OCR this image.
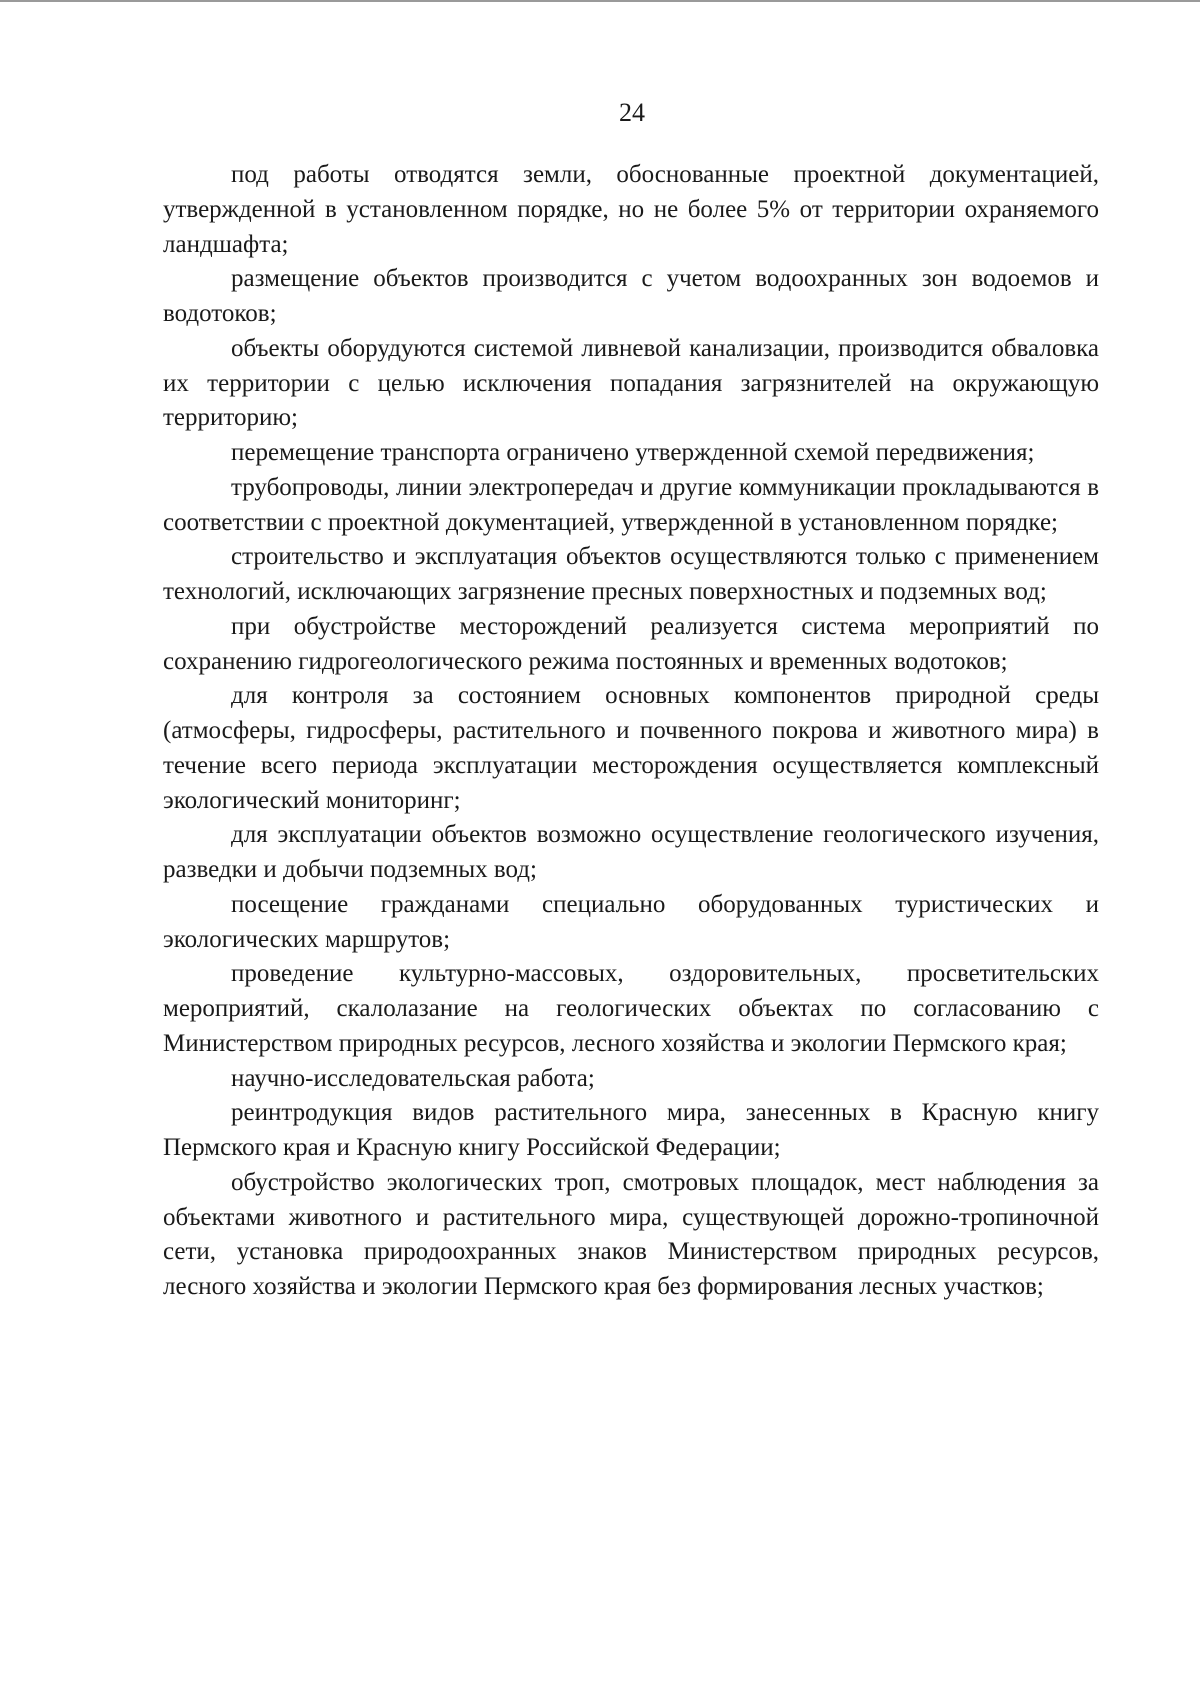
24

под работы отводятся земли, обоснованные проектной документацией, утвержденной в установленном порядке, но не более 5% от территории охраняемого ландшафта;

размещение объектов производится с учетом водоохранных зон водоемов и водотоков;

объекты оборудуются системой ливневой канализации, производится обваловка их территории с целью исключения попадания загрязнителей на окружающую территорию;

перемещение транспорта ограничено утвержденной схемой передвижения;

трубопроводы, линии электропередач и другие коммуникации прокладываются в соответствии с проектной документацией, утвержденной в установленном порядке;

строительство и эксплуатация объектов осуществляются только с применением технологий, исключающих загрязнение пресных поверхностных и подземных вод;

при обустройстве месторождений реализуется система мероприятий по сохранению гидрогеологического режима постоянных и временных водотоков;

для контроля за состоянием основных компонентов природной среды (атмосферы, гидросферы, растительного и почвенного покрова и животного мира) в течение всего периода эксплуатации месторождения осуществляется комплексный экологический мониторинг;

для эксплуатации объектов возможно осуществление геологического изучения, разведки и добычи подземных вод;

посещение гражданами специально оборудованных туристических и экологических маршрутов;

проведение культурно-массовых, оздоровительных, просветительских мероприятий, скалолазание на геологических объектах по согласованию с Министерством природных ресурсов, лесного хозяйства и экологии Пермского края;

научно-исследовательская работа;

реинтродукция видов растительного мира, занесенных в Красную книгу Пермского края и Красную книгу Российской Федерации;

обустройство экологических троп, смотровых площадок, мест наблюдения за объектами животного и растительного мира, существующей дорожно-тропиночной сети, установка природоохранных знаков Министерством природных ресурсов, лесного хозяйства и экологии Пермского края без формирования лесных участков;
